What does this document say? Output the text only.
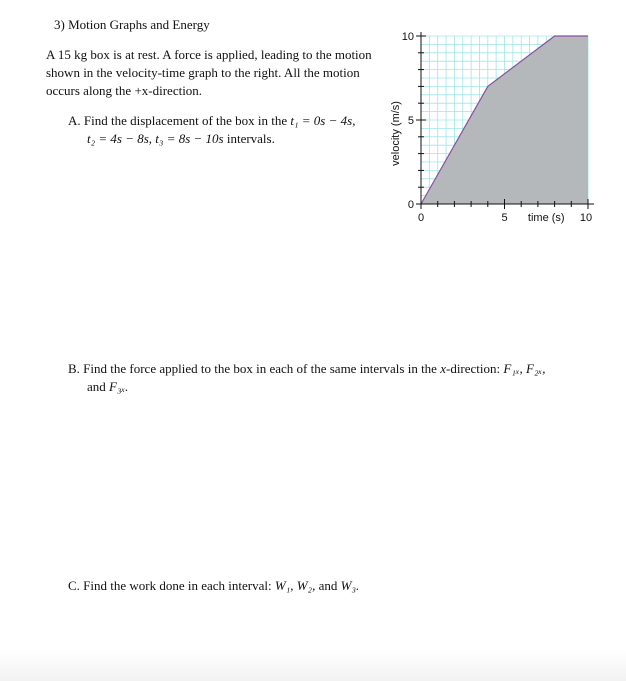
3) Motion Graphs and Energy
A 15 kg box is at rest. A force is applied, leading to the motion shown in the velocity-time graph to the right. All the motion occurs along the +x-direction.
A. Find the displacement of the box in the t₁ = 0s − 4s,
t₂ = 4s − 8s, t₃ = 8s − 10s intervals.
B. Find the force applied to the box in each of the same intervals in the x-direction: F₁ₓ, F₂ₓ,
and F₃ₓ.
C. Find the work done in each interval: W₁, W₂, and W₃.
0	5	10
0
5
10
time (s)
velocity (m/s)
